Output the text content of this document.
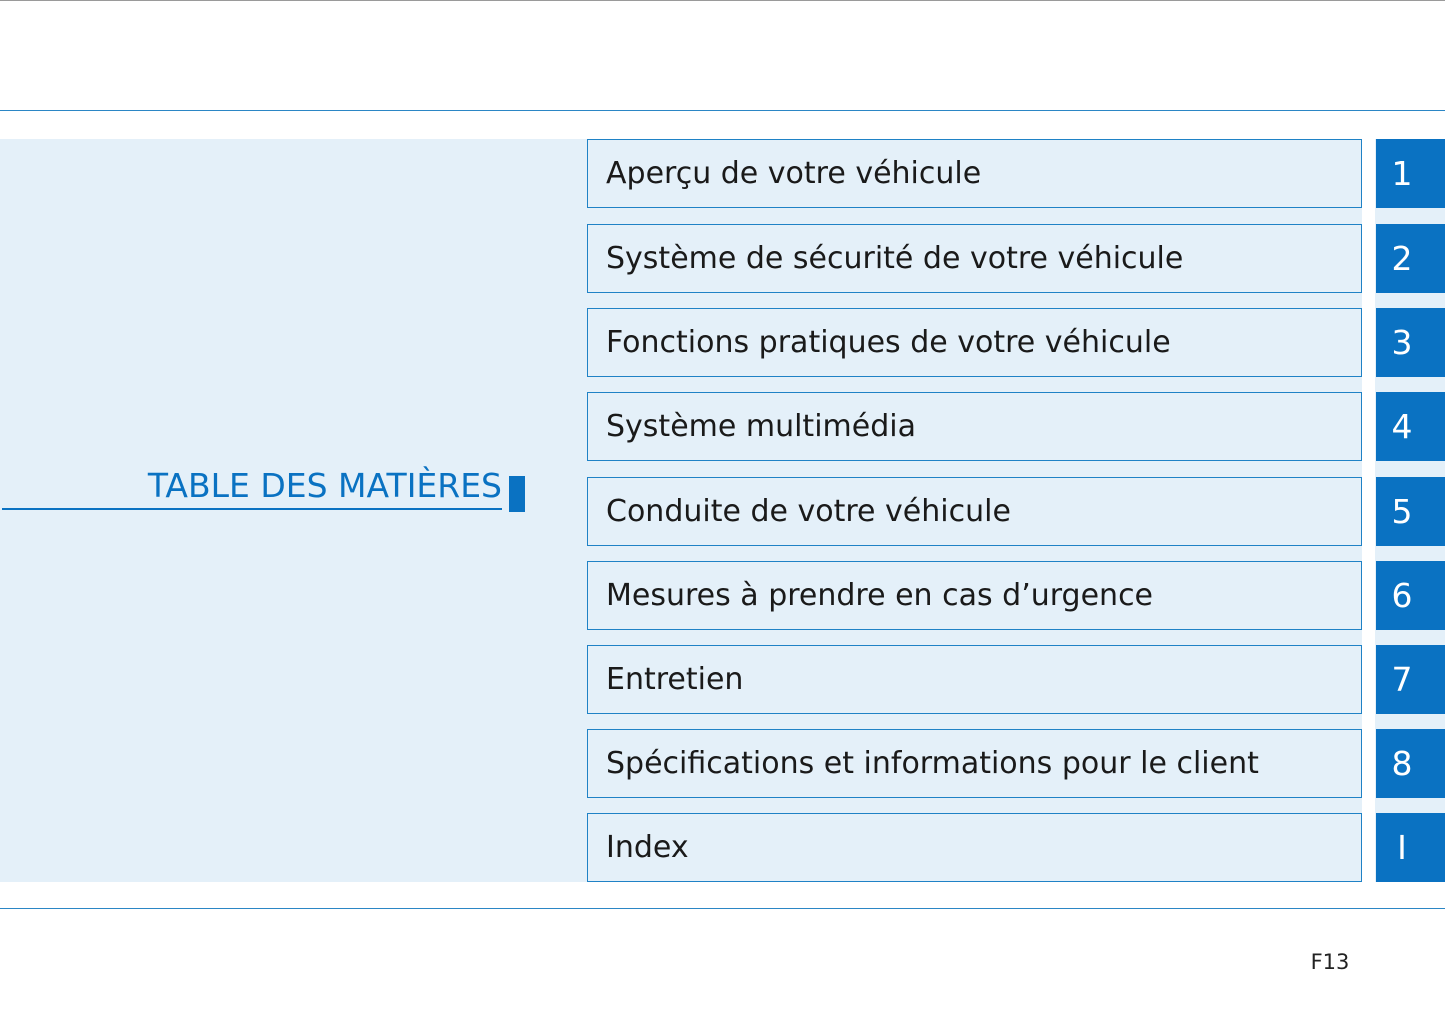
TABLE DES MATIÈRES
Aperçu de votre véhicule	1
Système de sécurité de votre véhicule	2
Fonctions pratiques de votre véhicule	3
Système multimédia	4
Conduite de votre véhicule	5
Mesures à prendre en cas d’urgence	6
Entretien	7
Spécifications et informations pour le client	8
Index	I
F13
